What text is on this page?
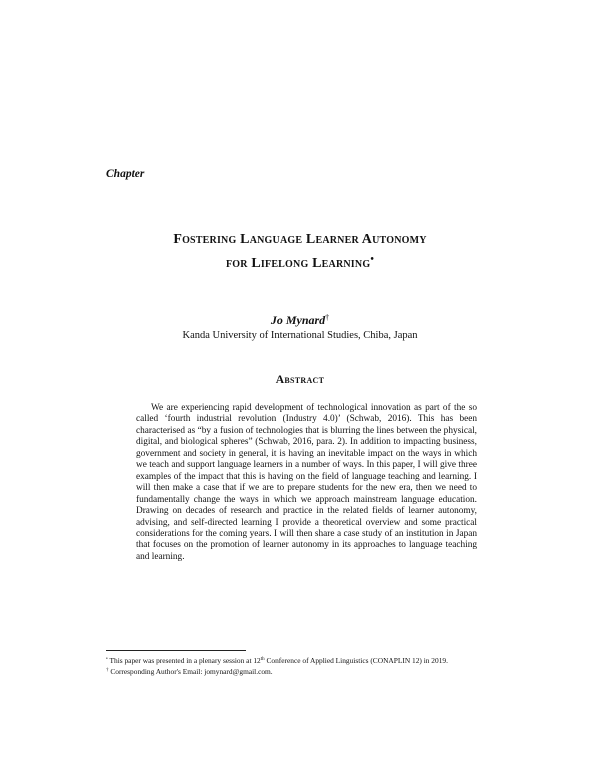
Chapter
Fostering Language Learner Autonomy
for Lifelong Learning•
Jo Mynard†
Kanda University of International Studies, Chiba, Japan
Abstract

We are experiencing rapid development of technological innovation as part of the so called ‘fourth industrial revolution (Industry 4.0)’ (Schwab, 2016). This has been characterised as “by a fusion of technologies that is blurring the lines between the physical, digital, and biological spheres” (Schwab, 2016, para. 2). In addition to impacting business, government and society in general, it is having an inevitable impact on the ways in which we teach and support language learners in a number of ways. In this paper, I will give three examples of the impact that this is having on the field of language teaching and learning. I will then make a case that if we are to prepare students for the new era, then we need to fundamentally change the ways in which we approach mainstream language education. Drawing on decades of research and practice in the related fields of learner autonomy, advising, and self-directed learning I provide a theoretical overview and some practical considerations for the coming years. I will then share a case study of an institution in Japan that focuses on the promotion of learner autonomy in its approaches to language teaching and learning.

• This paper was presented in a plenary session at 12th Conference of Applied Linguistics (CONAPLIN 12) in 2019.
† Corresponding Author's Email: jomynard@gmail.com.
